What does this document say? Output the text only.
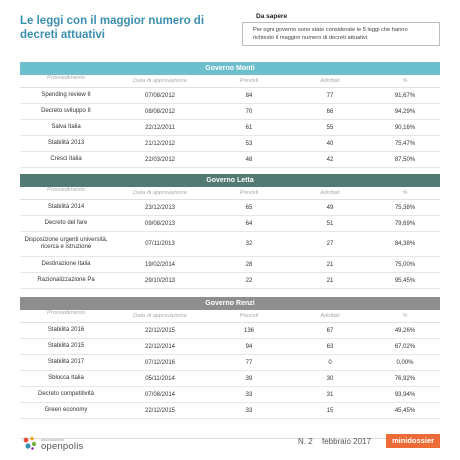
Le leggi con il maggior numero di decreti attuativi
Da sapere
Per ogni governo sono state considerate le 5 leggi che hanno richiesto il maggior numero di decreti attuativi.
Governo Monti
Provvedimento	Data di approvazione	Previsti	Adottati	%
Spending review II	07/08/2012	84	77	91,67%
Decreto sviluppo II	08/08/2012	70	66	94,29%
Salva Italia	22/12/2011	61	55	90,16%
Stabilità 2013	21/12/2012	53	40	75,47%
Cresci Italia	22/03/2012	48	42	87,50%
Governo Letta
Provvedimento	Data di approvazione	Previsti	Adottati	%
Stabilità 2014	23/12/2013	65	49	75,38%
Decreto del fare	09/08/2013	64	51	79,69%
Disposizione urgenti università, ricerca e istruzione	07/11/2013	32	27	84,38%
Destinazione Italia	19/02/2014	28	21	75,00%
Razionalizzazione Pa	29/10/2013	22	21	95,45%
Governo Renzi
Provvedimento	Data di approvazione	Previsti	Adottati	%
Stabilità 2016	22/12/2015	136	67	49,26%
Stabilità 2015	22/12/2014	94	63	67,02%
Stabilità 2017	07/12/2016	77	0	0,00%
Sblocca Italia	05/11/2014	39	30	76,92%
Decreto competitività	07/08/2014	33	31	93,94%
Green economy	22/12/2015	33	15	45,45%
associazione
openpolis	N. 2 febbraio 2017	minidossier
